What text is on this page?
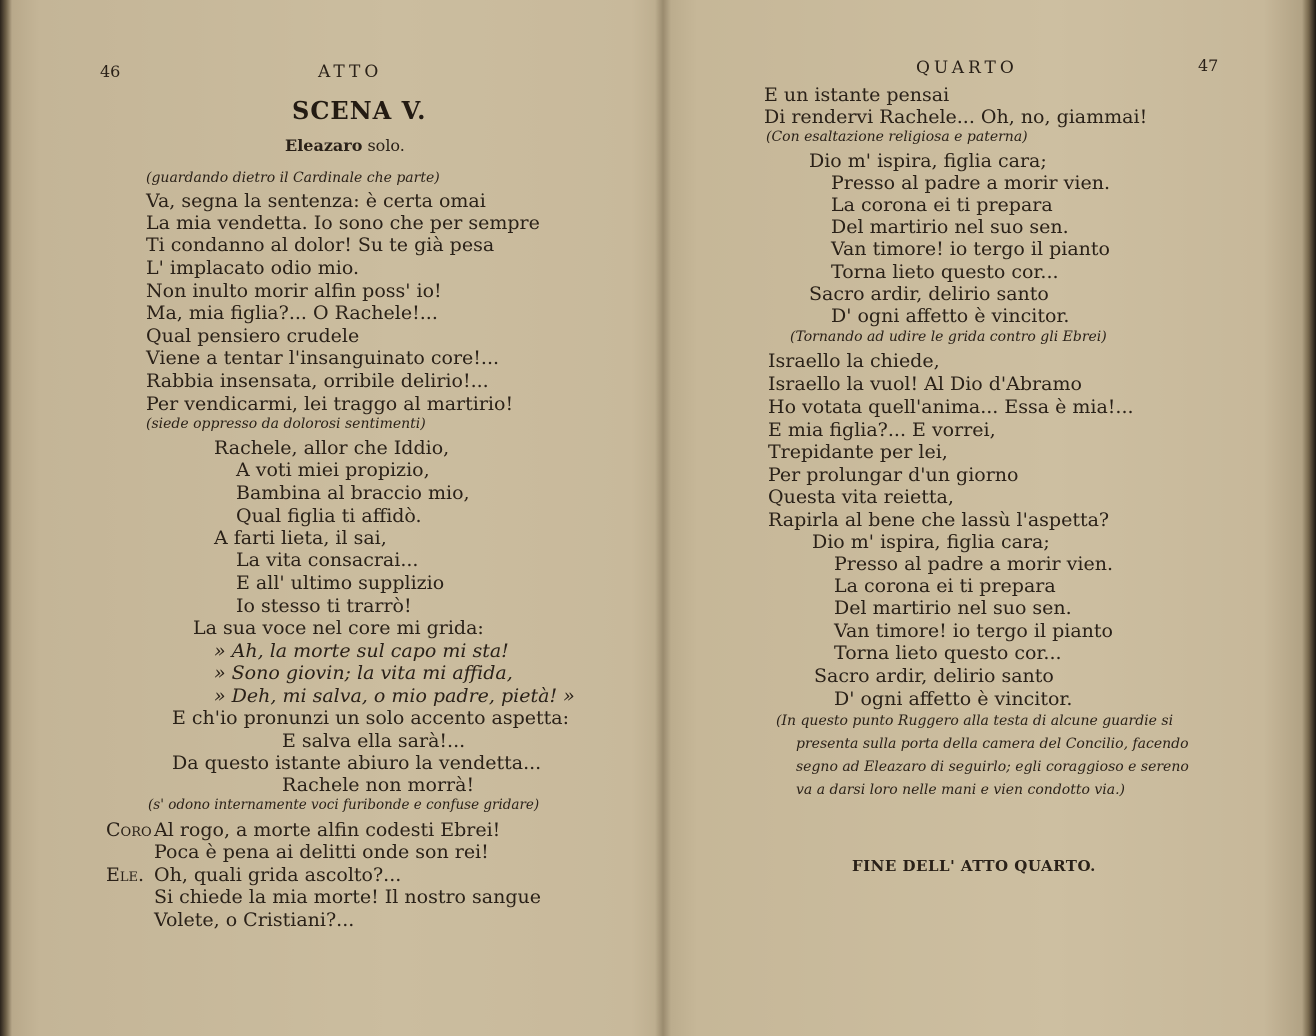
46	ATTO
SCENA V.
Eleazaro solo.
(guardando dietro il Cardinale che parte)
Va, segna la sentenza: è certa omai
La mia vendetta. Io sono che per sempre
Ti condanno al dolor! Su te già pesa
L' implacato odio mio.
Non inulto morir alfin poss' io!
Ma, mia figlia?... O Rachele!...
Qual pensiero crudele
Viene a tentar l'insanguinato core!...
Rabbia insensata, orribile delirio!...
Per vendicarmi, lei traggo al martirio!
(siede oppresso da dolorosi sentimenti)
Rachele, allor che Iddio,
A voti miei propizio,
Bambina al braccio mio,
Qual figlia ti affidò.
A farti lieta, il sai,
La vita consacrai...
E all' ultimo supplizio
Io stesso ti trarrò!
La sua voce nel core mi grida:
» Ah, la morte sul capo mi sta!
» Sono giovin; la vita mi affida,
» Deh, mi salva, o mio padre, pietà! »
E ch'io pronunzi un solo accento aspetta:
E salva ella sarà!...
Da questo istante abiuro la vendetta...
Rachele non morrà!
(s' odono internamente voci furibonde e confuse gridare)
Coro Al rogo, a morte alfin codesti Ebrei!
Poca è pena ai delitti onde son rei!
Ele. Oh, quali grida ascolto?...
Si chiede la mia morte! Il nostro sangue
Volete, o Cristiani?...
QUARTO	47
E un istante pensai
Di rendervi Rachele... Oh, no, giammai!
(Con esaltazione religiosa e paterna)
Dio m' ispira, figlia cara;
Presso al padre a morir vien.
La corona ei ti prepara
Del martirio nel suo sen.
Van timore! io tergo il pianto
Torna lieto questo cor...
Sacro ardir, delirio santo
D' ogni affetto è vincitor.
(Tornando ad udire le grida contro gli Ebrei)
Israello la chiede,
Israello la vuol! Al Dio d'Abramo
Ho votata quell'anima... Essa è mia!...
E mia figlia?... E vorrei,
Trepidante per lei,
Per prolungar d'un giorno
Questa vita reietta,
Rapirla al bene che lassù l'aspetta?
Dio m' ispira, figlia cara;
Presso al padre a morir vien.
La corona ei ti prepara
Del martirio nel suo sen.
Van timore! io tergo il pianto
Torna lieto questo cor...
Sacro ardir, delirio santo
D' ogni affetto è vincitor.
(In questo punto Ruggero alla testa di alcune guardie si
presenta sulla porta della camera del Concilio, facendo
segno ad Eleazaro di seguirlo; egli coraggioso e sereno
va a darsi loro nelle mani e vien condotto via.)
FINE DELL' ATTO QUARTO.
